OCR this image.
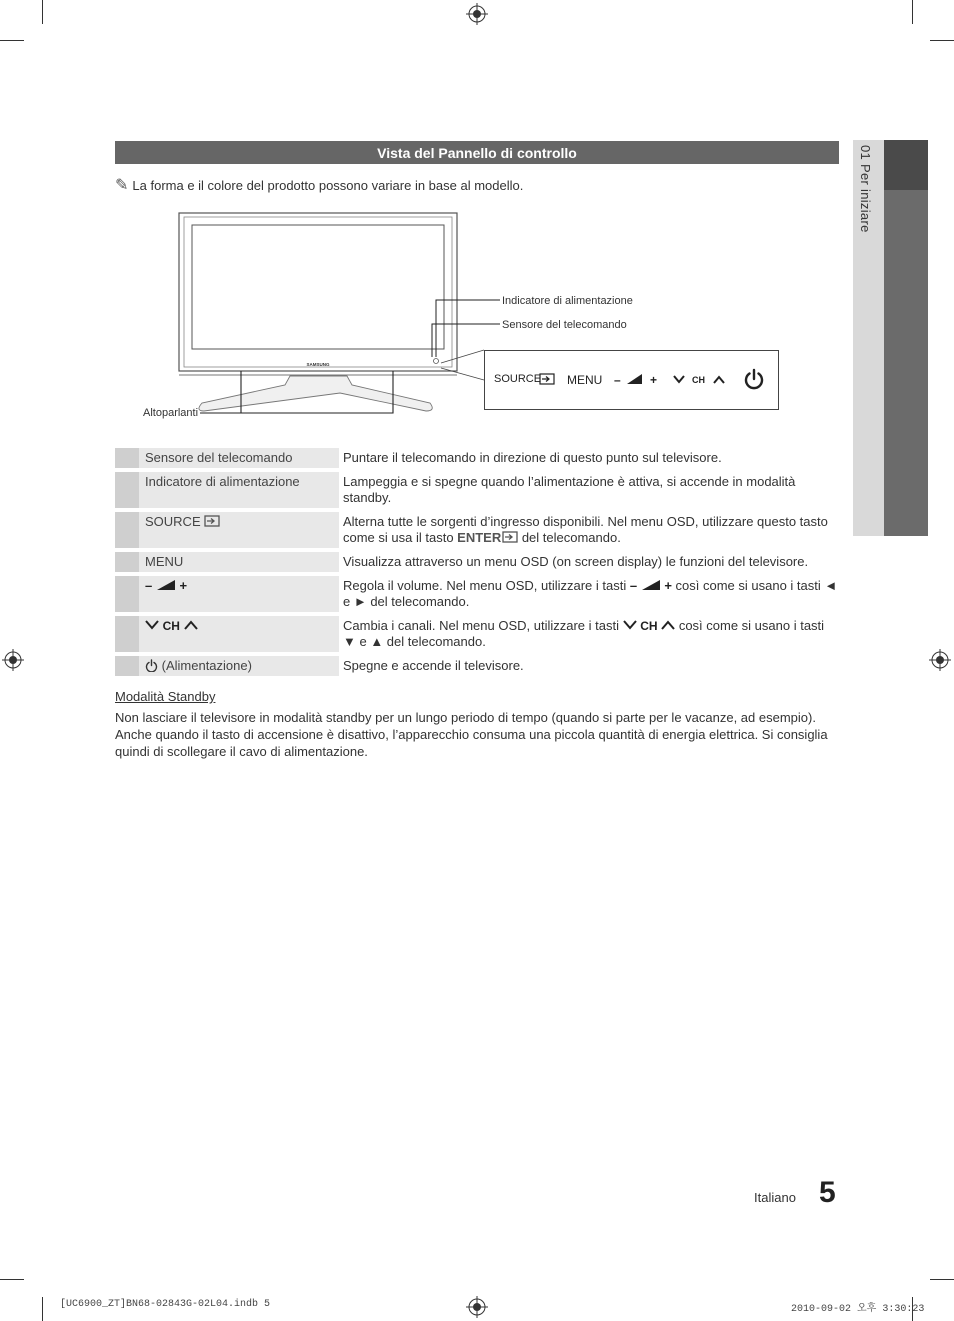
01 Per iniziare
Vista del Pannello di controllo
✎ La forma e il colore del prodotto possono variare in base al modello.
SAMSUNG
Indicatore di alimentazione
Sensore del telecomando
Altoparlanti
SOURCE MENU – +	CH
	Sensore del telecomando	Puntare il telecomando in direzione di questo punto sul televisore.
	Indicatore di alimentazione	Lampeggia e si spegne quando l’alimentazione è attiva, si accende in modalità standby.
	SOURCE	Alterna tutte le sorgenti d’ingresso disponibili. Nel menu OSD, utilizzare questo tasto come si usa il tasto ENTER del telecomando.
	MENU	Visualizza attraverso un menu OSD (on screen display) le funzioni del televisore.
	– +	Regola il volume. Nel menu OSD, utilizzare i tasti – + così come si usano i tasti ◄ e ► del telecomando.
	CH	Cambia i canali. Nel menu OSD, utilizzare i tasti  CH  così come si usano i tasti ▼ e ▲ del telecomando.
	(Alimentazione)	Spegne e accende il televisore.
Modalità Standby
Non lasciare il televisore in modalità standby per un lungo periodo di tempo (quando si parte per le vacanze, ad esempio). Anche quando il tasto di accensione è disattivo, l’apparecchio consuma una piccola quantità di energia elettrica. Si consiglia quindi di scollegare il cavo di alimentazione.
Italiano 5
[UC6900_ZT]BN68-02843G-02L04.indb 5	2010-09-02 오후 3:30:23
